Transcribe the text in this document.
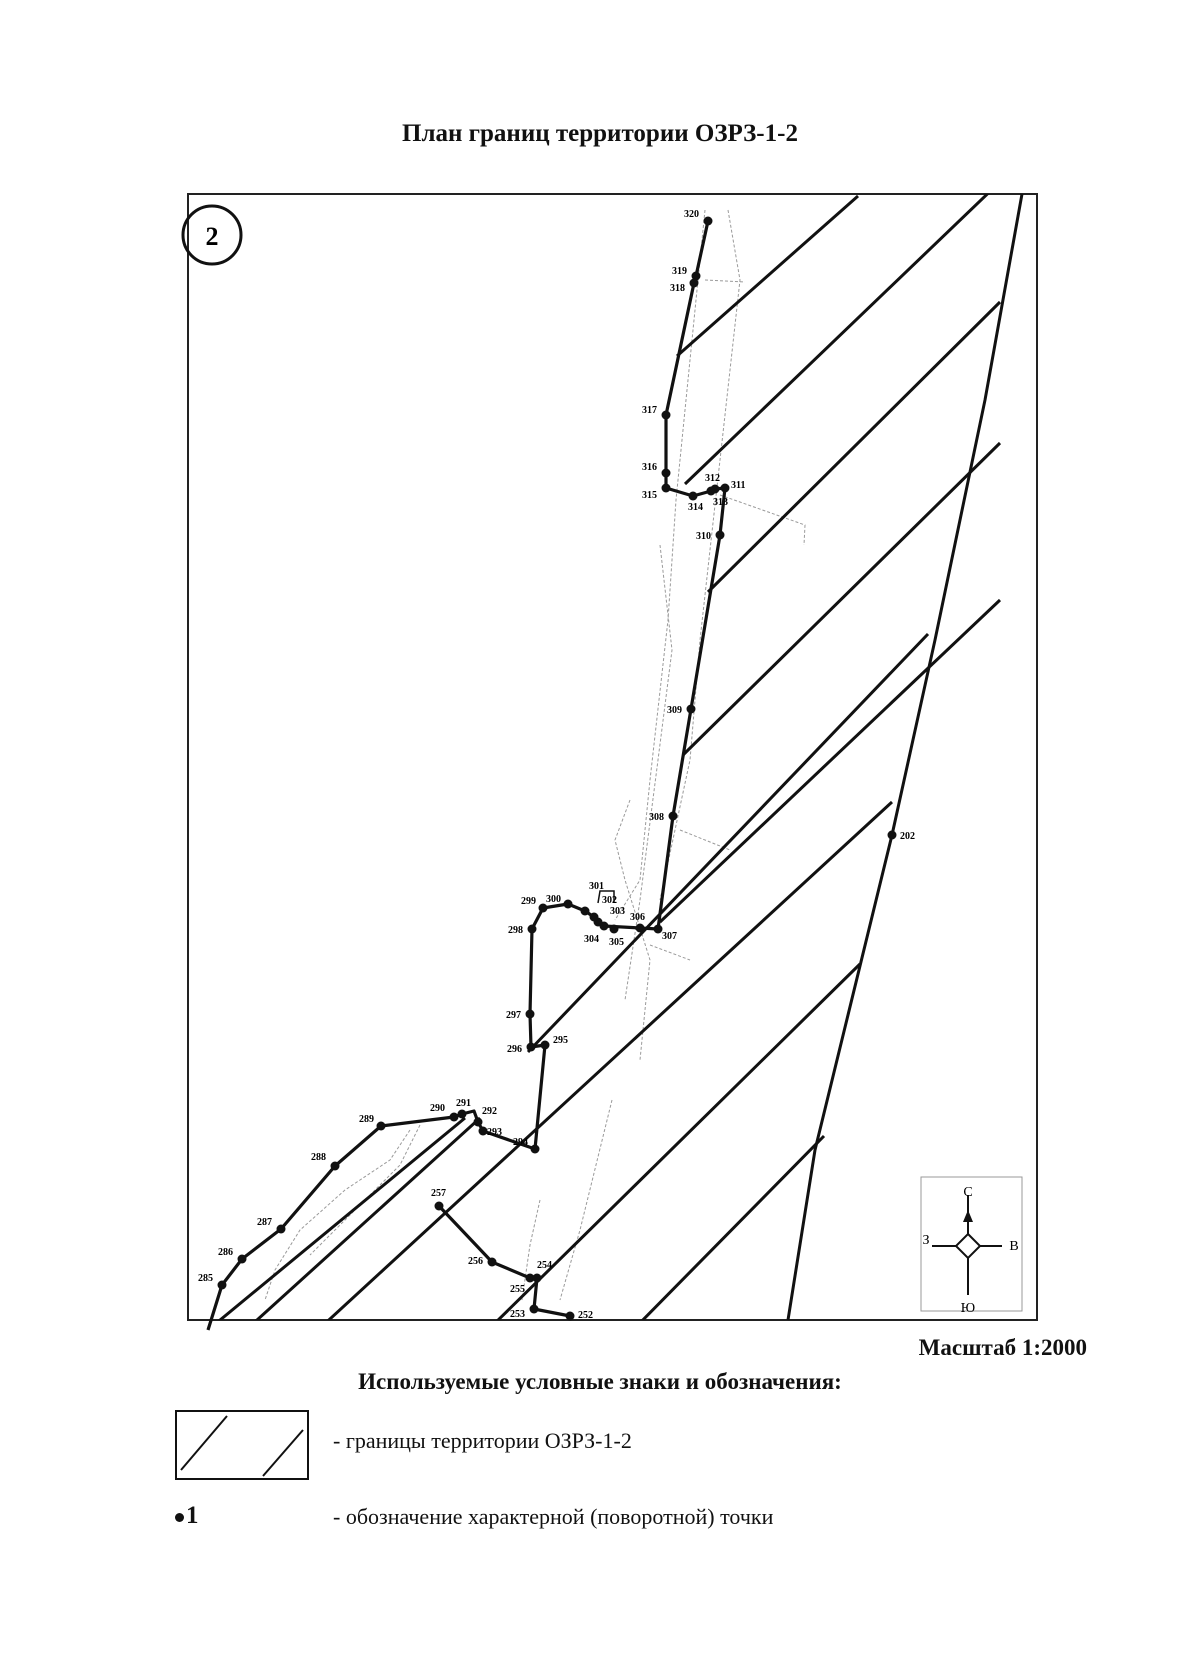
План границ территории ОЗРЗ-1-2
2
320
319
318
317
316
315
314 313
312
311
310
309
308
307
306
305
304
303
302
301
300
299
298
297
296
295
294
293
292
291
290
289
288
287
286
285
257
256
255
254
253	252
202
С
Ю
З	В
Масштаб 1:2000
Используемые условные знаки и обозначения:
- границы территории ОЗРЗ-1-2
1	- обозначение характерной (поворотной) точки
